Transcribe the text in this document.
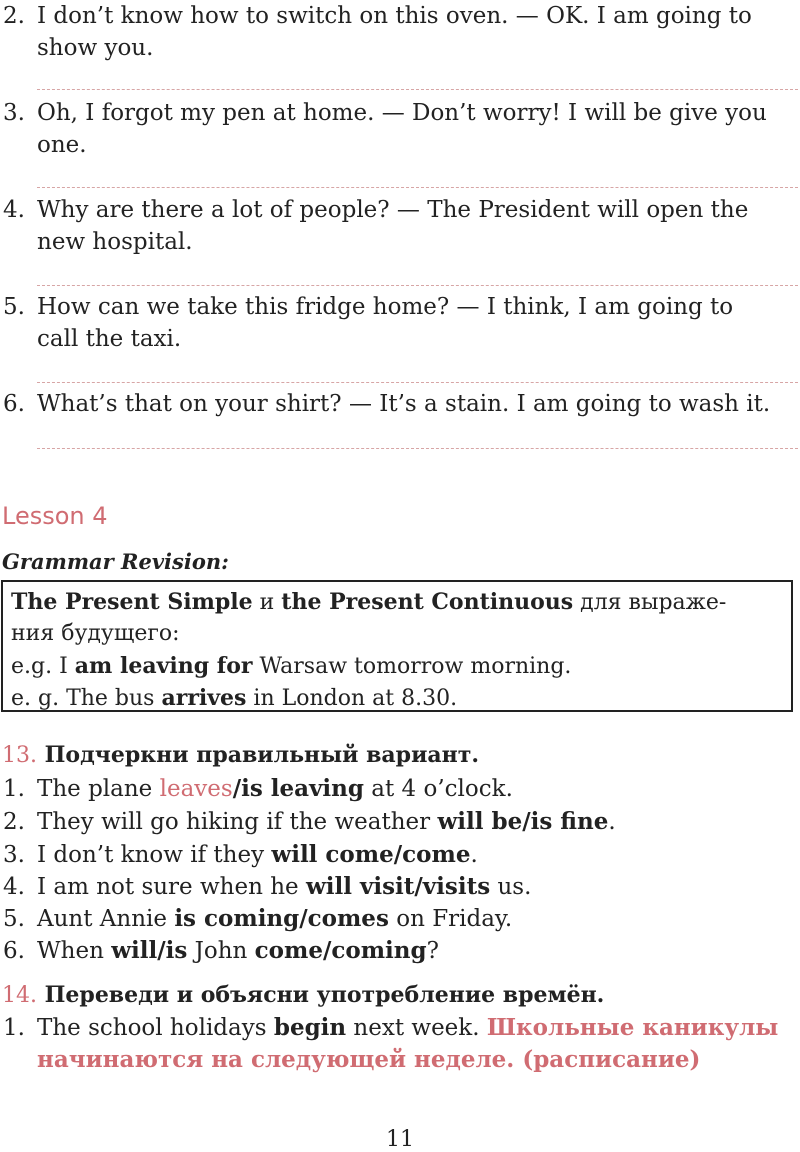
2. I don’t know how to switch on this oven. — OK. I am going to
show you.
3. Oh, I forgot my pen at home. — Don’t worry! I will be give you
one.
4. Why are there a lot of people? — The President will open the
new hospital.
5. How can we take this fridge home? — I think, I am going to
call the taxi.
6. What’s that on your shirt? — It’s a stain. I am going to wash it.
Lesson 4
Grammar Revision:
The Present Simple и the Present Continuous для выраже-
ния будущего:
e.g. I am leaving for Warsaw tomorrow morning.
e. g. The bus arrives in London at 8.30.
13. Подчеркни правильный вариант.
1. The plane leaves/is leaving at 4 o’clock.
2. They will go hiking if the weather will be/is fine.
3. I don’t know if they will come/come.
4. I am not sure when he will visit/visits us.
5. Aunt Annie is coming/comes on Friday.
6. When will/is John come/coming?
14. Переведи и объясни употребление времён.
1. The school holidays begin next week. Школьные каникулы
начинаются на следующей неделе. (расписание)
11
